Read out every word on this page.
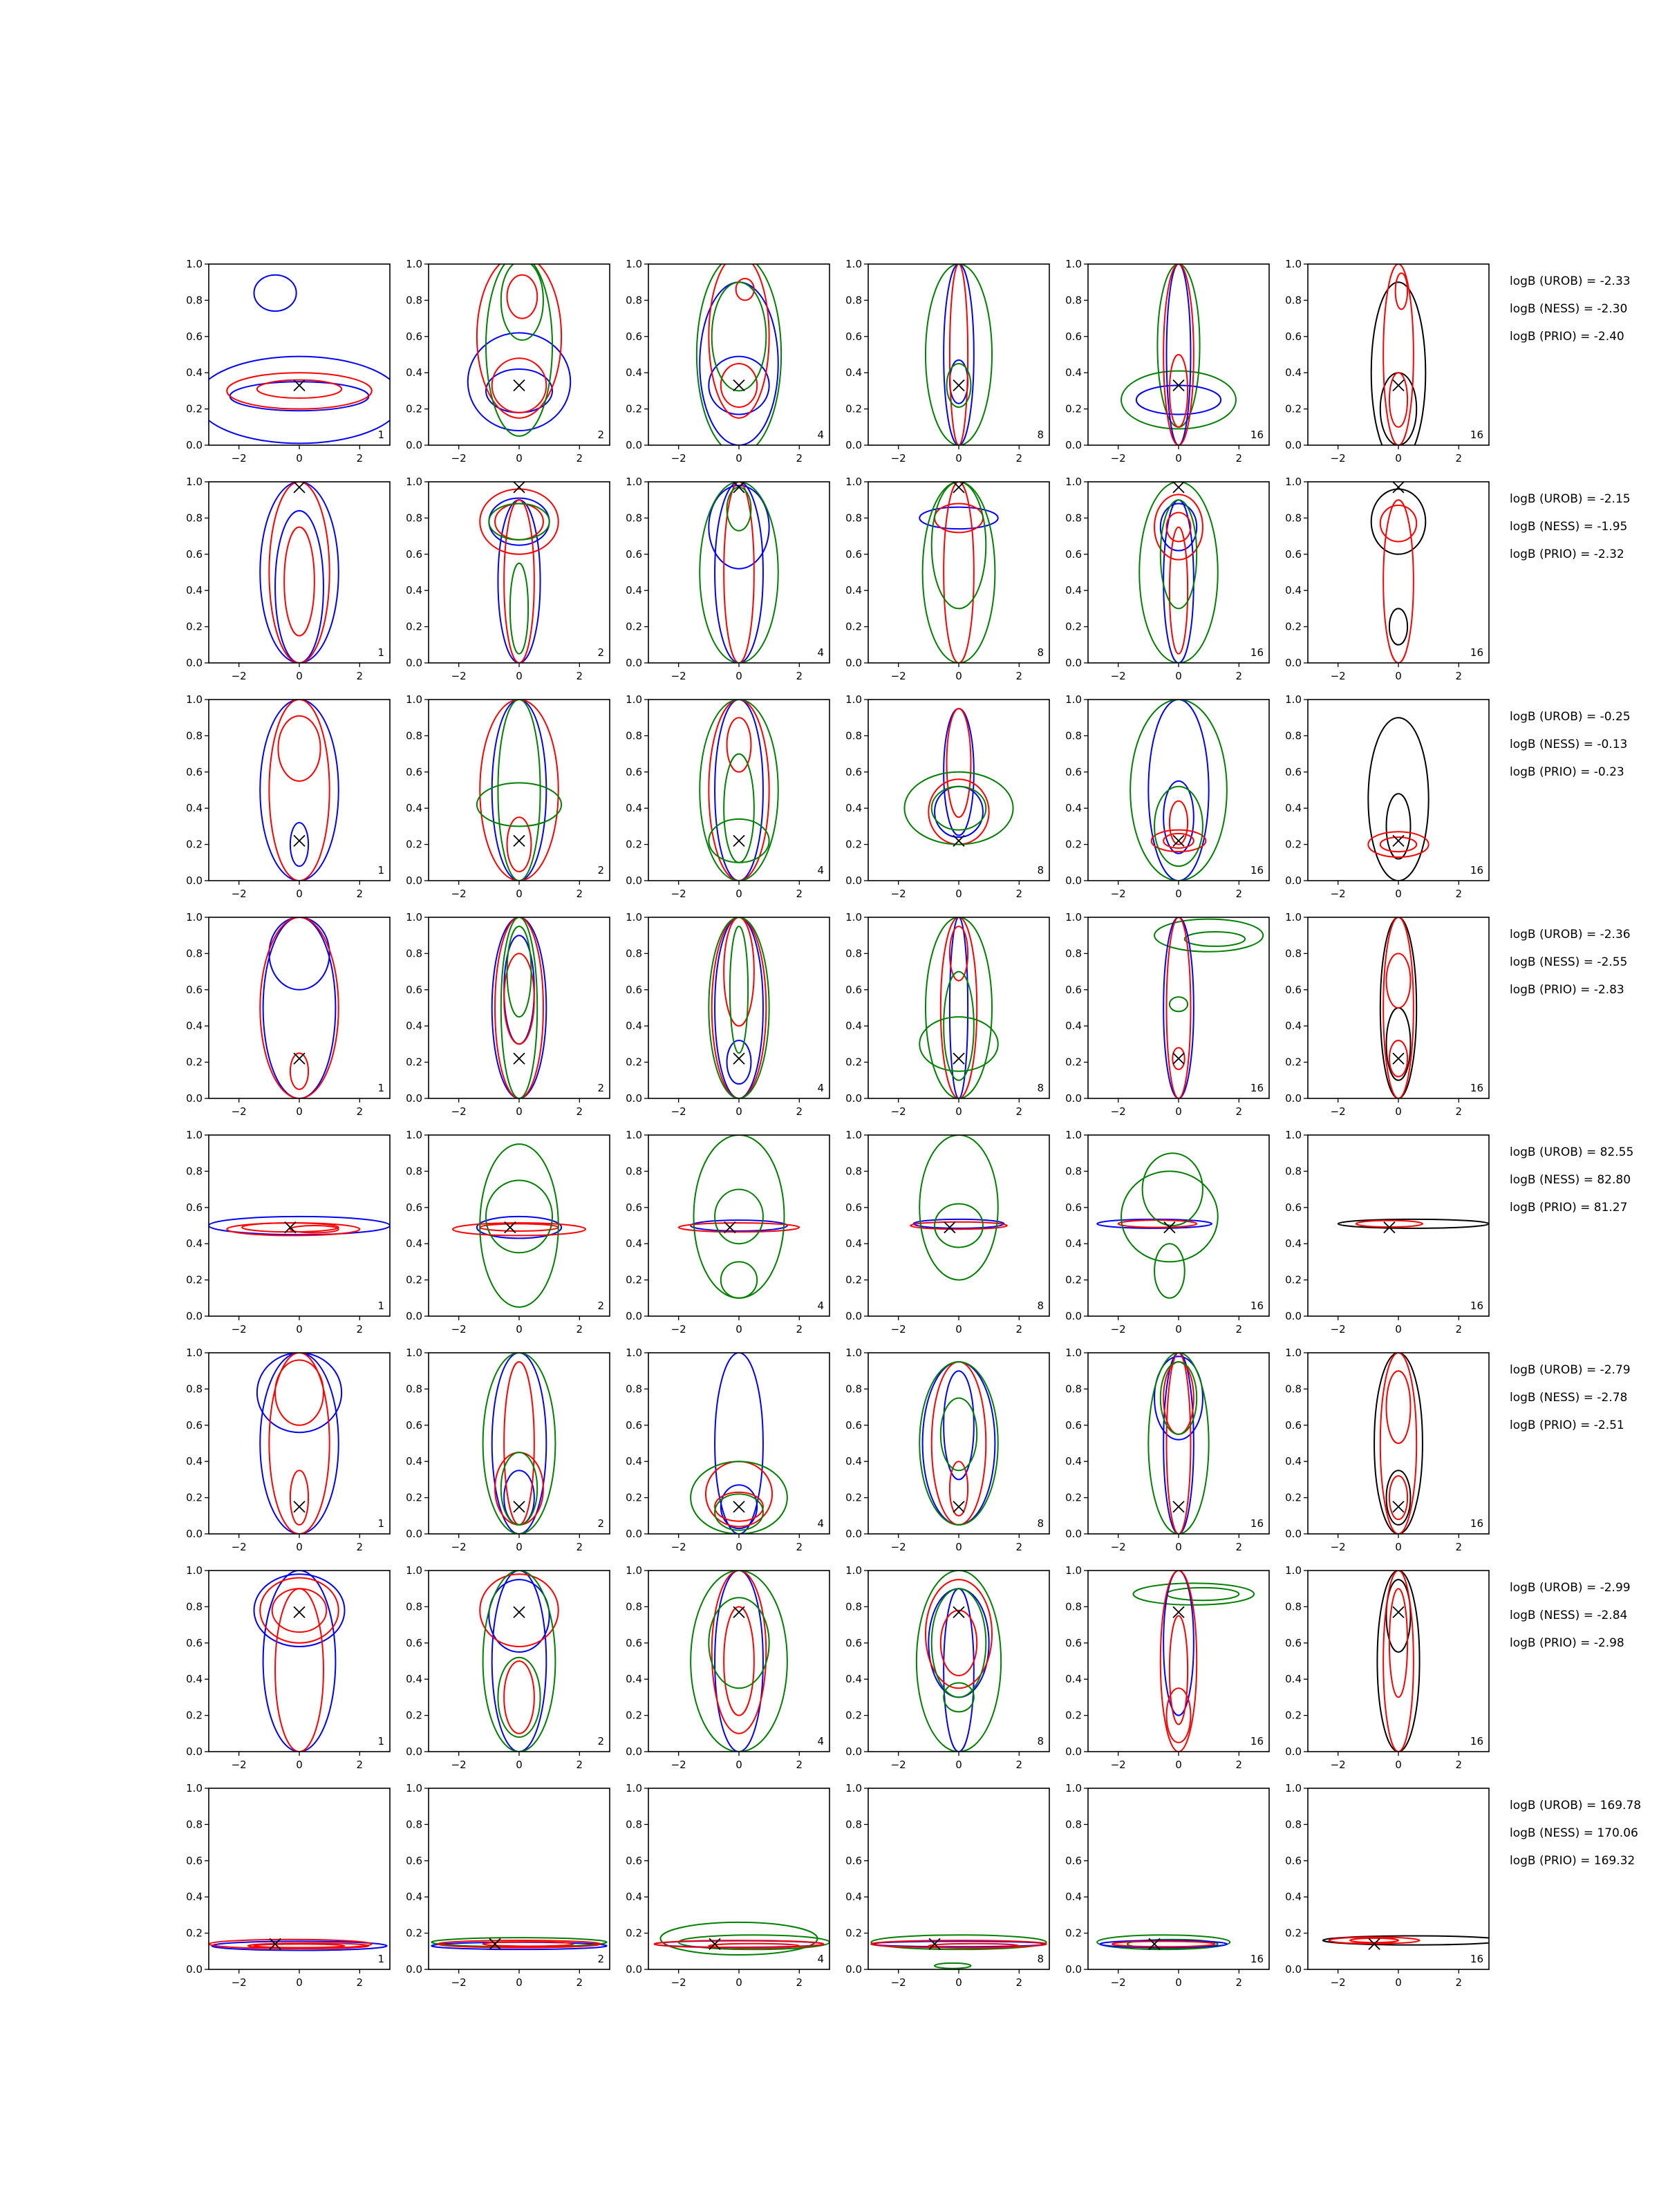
−2	0	2
0.0
0.2
0.4
0.6
0.8
1.0
1
−2	0	2
0.0
0.2
0.4
0.6
0.8
1.0
2
−2	0	2
0.0
0.2
0.4
0.6
0.8
1.0
4
−2	0	2
0.0
0.2
0.4
0.6
0.8
1.0
8
−2	0	2
0.0
0.2
0.4
0.6
0.8
1.0
16
−2	0	2
0.0
0.2
0.4
0.6
0.8
1.0
16
logB (UROB) = -2.33
logB (NESS) = -2.30
logB (PRIO) = -2.40
−2	0	2
0.0
0.2
0.4
0.6
0.8
1.0
1
−2	0	2
0.0
0.2
0.4
0.6
0.8
1.0
2
−2	0	2
0.0
0.2
0.4
0.6
0.8
1.0
4
−2	0	2
0.0
0.2
0.4
0.6
0.8
1.0
8
−2	0	2
0.0
0.2
0.4
0.6
0.8
1.0
16
−2	0	2
0.0
0.2
0.4
0.6
0.8
1.0
16
logB (UROB) = -2.15
logB (NESS) = -1.95
logB (PRIO) = -2.32
−2	0	2
0.0
0.2
0.4
0.6
0.8
1.0
1
−2	0	2
0.0
0.2
0.4
0.6
0.8
1.0
2
−2	0	2
0.0
0.2
0.4
0.6
0.8
1.0
4
−2	0	2
0.0
0.2
0.4
0.6
0.8
1.0
8
−2	0	2
0.0
0.2
0.4
0.6
0.8
1.0
16
−2	0	2
0.0
0.2
0.4
0.6
0.8
1.0
16
logB (UROB) = -0.25
logB (NESS) = -0.13
logB (PRIO) = -0.23
−2	0	2
0.0
0.2
0.4
0.6
0.8
1.0
1
−2	0	2
0.0
0.2
0.4
0.6
0.8
1.0
2
−2	0	2
0.0
0.2
0.4
0.6
0.8
1.0
4
−2	0	2
0.0
0.2
0.4
0.6
0.8
1.0
8
−2	0	2
0.0
0.2
0.4
0.6
0.8
1.0
16
−2	0	2
0.0
0.2
0.4
0.6
0.8
1.0
16
logB (UROB) = -2.36
logB (NESS) = -2.55
logB (PRIO) = -2.83
−2	0	2
0.0
0.2
0.4
0.6
0.8
1.0
1
−2	0	2
0.0
0.2
0.4
0.6
0.8
1.0
2
−2	0	2
0.0
0.2
0.4
0.6
0.8
1.0
4
−2	0	2
0.0
0.2
0.4
0.6
0.8
1.0
8
−2	0	2
0.0
0.2
0.4
0.6
0.8
1.0
16
−2	0	2
0.0
0.2
0.4
0.6
0.8
1.0
16
logB (UROB) = 82.55
logB (NESS) = 82.80
logB (PRIO) = 81.27
−2	0	2
0.0
0.2
0.4
0.6
0.8
1.0
1
−2	0	2
0.0
0.2
0.4
0.6
0.8
1.0
2
−2	0	2
0.0
0.2
0.4
0.6
0.8
1.0
4
−2	0	2
0.0
0.2
0.4
0.6
0.8
1.0
8
−2	0	2
0.0
0.2
0.4
0.6
0.8
1.0
16
−2	0	2
0.0
0.2
0.4
0.6
0.8
1.0
16
logB (UROB) = -2.79
logB (NESS) = -2.78
logB (PRIO) = -2.51
−2	0	2
0.0
0.2
0.4
0.6
0.8
1.0
1
−2	0	2
0.0
0.2
0.4
0.6
0.8
1.0
2
−2	0	2
0.0
0.2
0.4
0.6
0.8
1.0
4
−2	0	2
0.0
0.2
0.4
0.6
0.8
1.0
8
−2	0	2
0.0
0.2
0.4
0.6
0.8
1.0
16
−2	0	2
0.0
0.2
0.4
0.6
0.8
1.0
16
logB (UROB) = -2.99
logB (NESS) = -2.84
logB (PRIO) = -2.98
−2	0	2
0.0
0.2
0.4
0.6
0.8
1.0
1
−2	0	2
0.0
0.2
0.4
0.6
0.8
1.0
2
−2	0	2
0.0
0.2
0.4
0.6
0.8
1.0
4
−2	0	2
0.0
0.2
0.4
0.6
0.8
1.0
8
−2	0	2
0.0
0.2
0.4
0.6
0.8
1.0
16
−2	0	2
0.0
0.2
0.4
0.6
0.8
1.0
16
logB (UROB) = 169.78
logB (NESS) = 170.06
logB (PRIO) = 169.32
